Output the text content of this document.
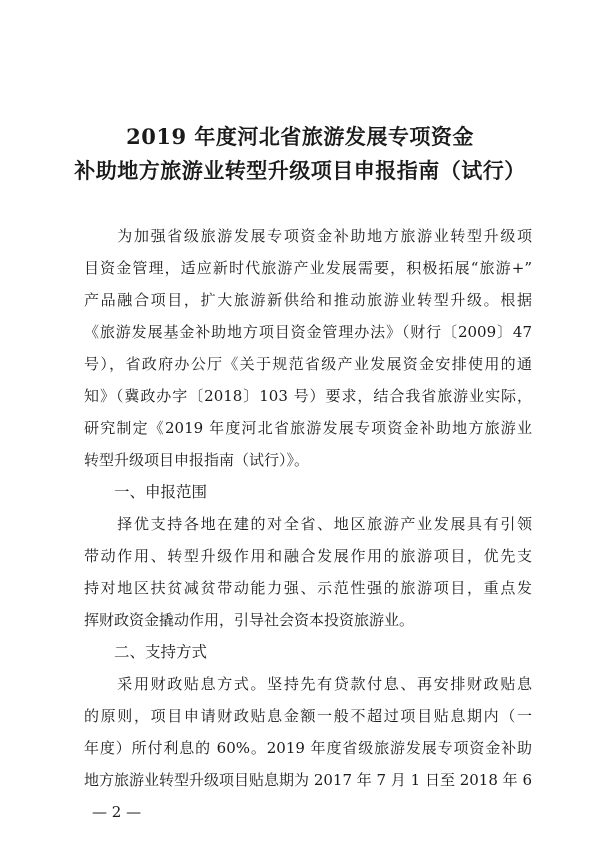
2019 年度河北省旅游发展专项资金
补助地方旅游业转型升级项目申报指南（试行）
　　为加强省级旅游发展专项资金补助地方旅游业转型升级项
目资金管理，适应新时代旅游产业发展需要，积极拓展“旅游+”
产品融合项目，扩大旅游新供给和推动旅游业转型升级。根据
《旅游发展基金补助地方项目资金管理办法》（财行〔2009〕47
号），省政府办公厅《关于规范省级产业发展资金安排使用的通
知》（冀政办字〔2018〕103 号）要求，结合我省旅游业实际，
研究制定《2019 年度河北省旅游发展专项资金补助地方旅游业
转型升级项目申报指南（试行）》。
一、申报范围
　　择优支持各地在建的对全省、地区旅游产业发展具有引领
带动作用、转型升级作用和融合发展作用的旅游项目，优先支
持对地区扶贫减贫带动能力强、示范性强的旅游项目，重点发
挥财政资金撬动作用，引导社会资本投资旅游业。
二、支持方式
　　采用财政贴息方式。坚持先有贷款付息、再安排财政贴息
的原则，项目申请财政贴息金额一般不超过项目贴息期内（一
年度）所付利息的 60%。2019 年度省级旅游发展专项资金补助
地方旅游业转型升级项目贴息期为 2017 年 7 月 1 日至 2018 年 6
— 2 —
